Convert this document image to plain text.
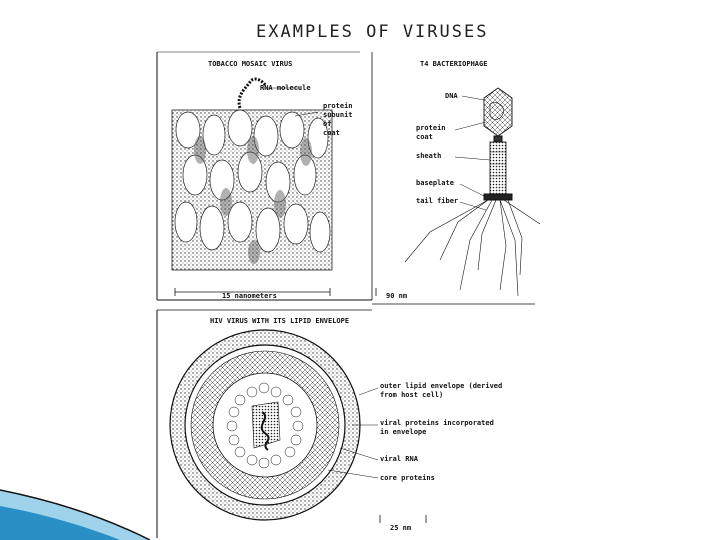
EXAMPLES OF VIRUSES
TOBACCO MOSAIC VIRUS
RNA molecule
protein
subunit
of
coat
15 nanometers
T4 BACTERIOPHAGE
DNA
protein
coat
sheath
baseplate
tail fiber
90 nm
HIV VIRUS WITH ITS LIPID ENVELOPE
outer lipid envelope (derived
from host cell)
viral proteins incorporated
in envelope
viral RNA
core proteins
25 nm
